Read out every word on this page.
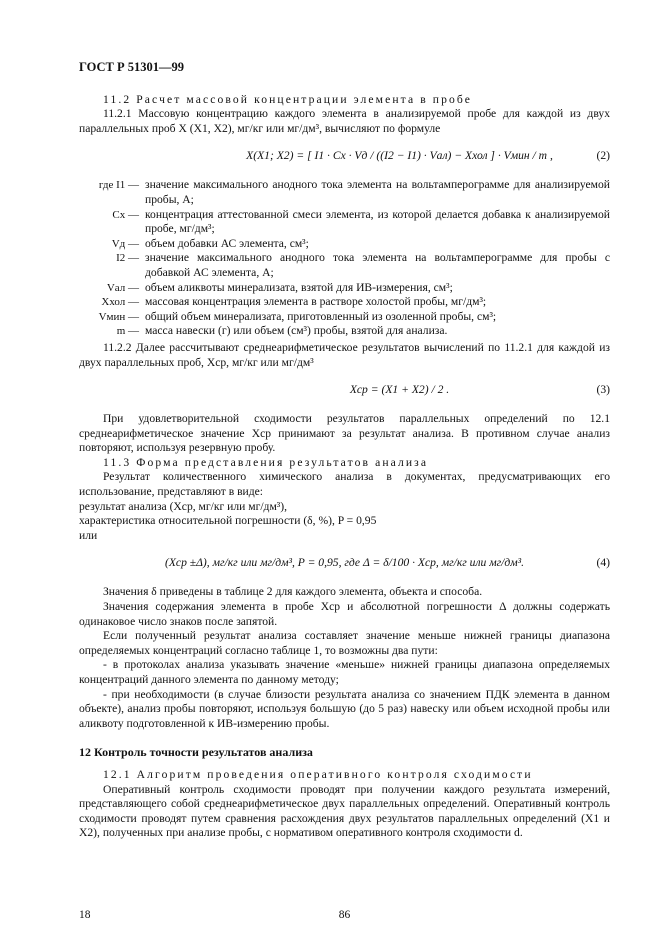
ГОСТ Р 51301—99

11.2 Расчет массовой концентрации элемента в пробе

11.2.1 Массовую концентрацию каждого элемента в анализируемой пробе для каждой из двух параллельных проб X (X1, X2), мг/кг или мг/дм³, вычисляют по формуле

X(X1; X2) = [ I1 · Cx · Vд / ((I2 − I1) · Vал) − Xхол ] · Vмин / m ,	(2)
где I1 — значение максимального анодного тока элемента на вольтамперограмме для анализируемой пробы, А;
Cх — концентрация аттестованной смеси элемента, из которой делается добавка к анализируемой пробе, мг/дм³;
Vд — объем добавки АС элемента, см³;
I2 — значение максимального анодного тока элемента на вольтамперограмме для пробы с добавкой АС элемента, А;
Vал — объем аликвоты минерализата, взятой для ИВ-измерения, см³;
Xхол — массовая концентрация элемента в растворе холостой пробы, мг/дм³;
Vмин — общий объем минерализата, приготовленный из озоленной пробы, см³;
m — масса навески (г) или объем (см³) пробы, взятой для анализа.

11.2.2 Далее рассчитывают среднеарифметическое результатов вычислений по 11.2.1 для каждой из двух параллельных проб, Xср, мг/кг или мг/дм³

Xср = (X1 + X2) / 2 .	(3)

При удовлетворительной сходимости результатов параллельных определений по 12.1 среднеарифметическое значение Xср принимают за результат анализа. В противном случае анализ повторяют, используя резервную пробу.

11.3 Форма представления результатов анализа

Результат количественного химического анализа в документах, предусматривающих его использование, представляют в виде:

результат анализа (Xср, мг/кг или мг/дм³),

характеристика относительной погрешности (δ, %), P = 0,95

или

(Xср ±Δ), мг/кг или мг/дм³, P = 0,95, где Δ = δ/100 · Xср, мг/кг или мг/дм³.	(4)

Значения δ приведены в таблице 2 для каждого элемента, объекта и способа.

Значения содержания элемента в пробе Xср и абсолютной погрешности Δ должны содержать одинаковое число знаков после запятой.

Если полученный результат анализа составляет значение меньше нижней границы диапазона определяемых концентраций согласно таблице 1, то возможны два пути:

- в протоколах анализа указывать значение «меньше» нижней границы диапазона определяемых концентраций данного элемента по данному методу;

- при необходимости (в случае близости результата анализа со значением ПДК элемента в данном объекте), анализ пробы повторяют, используя большую (до 5 раз) навеску или объем исходной пробы или аликвоту подготовленной к ИВ-измерению пробы.

12 Контроль точности результатов анализа

12.1 Алгоритм проведения оперативного контроля сходимости

Оперативный контроль сходимости проводят при получении каждого результата измерений, представляющего собой среднеарифметическое двух параллельных определений. Оперативный контроль сходимости проводят путем сравнения расхождения двух результатов параллельных определений (X1 и X2), полученных при анализе пробы, с нормативом оперативного контроля сходимости d.

18	86
